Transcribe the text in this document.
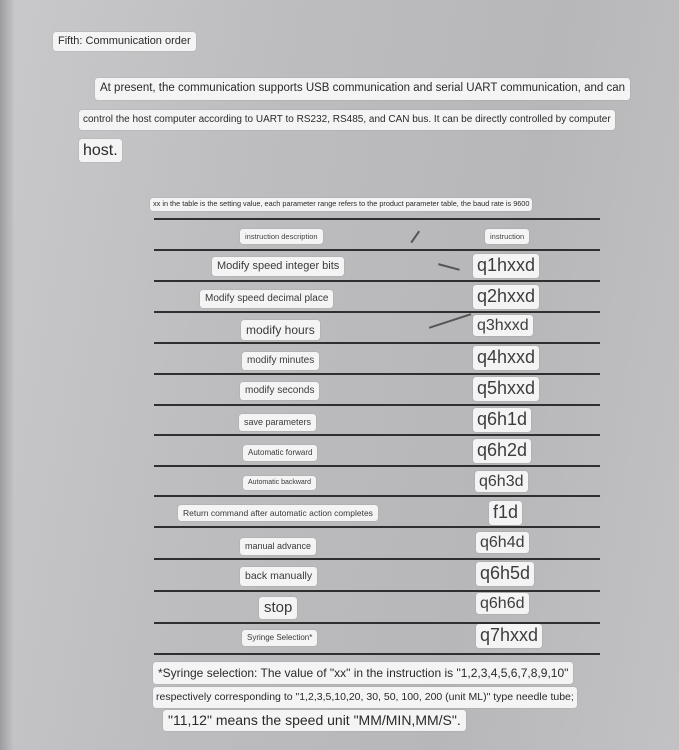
Fifth: Communication order
At present, the communication supports USB communication and serial UART communication, and can
control the host computer according to UART to RS232, RS485, and CAN bus. It can be directly controlled by computer
host.
xx in the table is the setting value, each parameter range refers to the product parameter table, the baud rate is 9600
instruction description	instruction
Modify speed integer bits	q1hxxd
Modify speed decimal place	q2hxxd
modify hours	q3hxxd
modify minutes	q4hxxd
modify seconds	q5hxxd
save parameters	q6h1d
Automatic forward	q6h2d
Automatic backward	q6h3d
Return command after automatic action completes	f1d
manual advance	q6h4d
back manually	q6h5d
stop	q6h6d
Syringe Selection*	q7hxxd
*Syringe selection: The value of "xx" in the instruction is "1,2,3,4,5,6,7,8,9,10"
respectively corresponding to "1,2,3,5,10,20, 30, 50, 100, 200 (unit ML)" type needle tube;
"11,12" means the speed unit "MM/MIN,MM/S".
